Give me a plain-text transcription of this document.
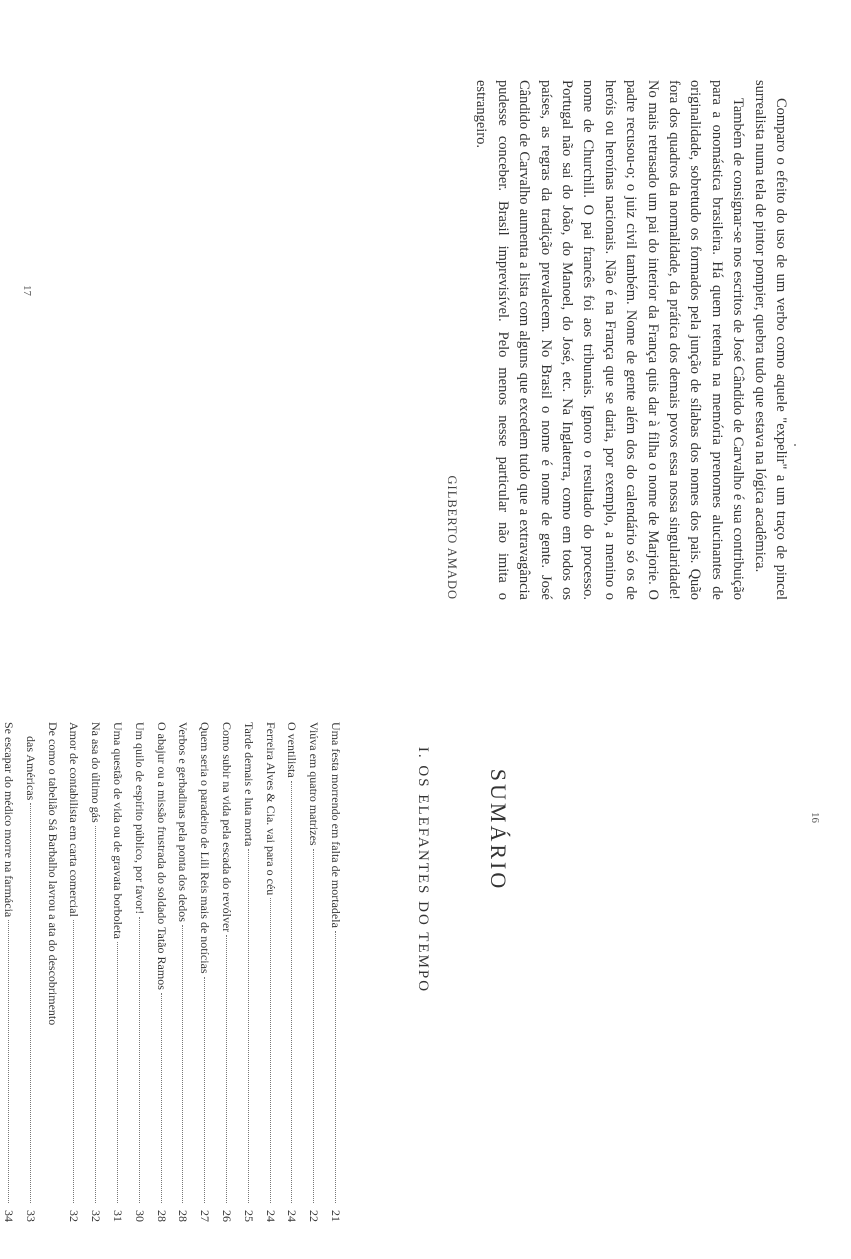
Comparo o efeito do uso de um verbo como aquele "expelir" a um traço de pincel surrealista numa tela de pintor pompier, quebra tudo que estava na lógica acadêmica.

Também de consignar-se nos escritos de José Cândido de Carvalho é sua contribuição para a onomástica brasileira. Há quem retenha na memória prenomes alucinantes de originalidade, sobretudo os formados pela junção de sílabas dos nomes dos pais. Quão fora dos quadros da normalidade, da prática dos demais povos essa nossa singularidade! No mais retrasado um pai do interior da França quis dar à filha o nome de Marjorie. O padre recusou-o; o juiz civil também. Nome de gente além dos do calendário só os de heróis ou heroínas nacionais. Não é na França que se daria, por exemplo, a menino o nome de Churchill. O pai francês foi aos tribunais. Ignoro o resultado do processo. Portugal não sai do João, do Manoel, do José, etc. Na Inglaterra, como em todos os países, as regras da tradição prevalecem. No Brasil o nome é nome de gente. José Cândido de Carvalho aumenta a lista com alguns que excedem tudo que a extravagância pudesse conceber. Brasil imprevisível. Pelo menos nesse particular não imita o estrangeiro.

GILBERTO AMADO

16
SUMÁRIO
I. OS ELEFANTES DO TEMPO
Uma festa morrendo em falta de mortadela
21
Viúva em quatro matrizes
22
O ventilista
24
Ferreira Alves & Cia. vai para o céu
24
Tarde demais e luta morta
25
Como subir na vida pela escada do revólver
26
Quem seria o paradeiro de Lili Reis mais de notícias
27
Verbos e gerbadinas pela ponta dos dedos
28
O abajur ou a missão frustrada do soldado Tatão Ramos
28
Um quilo de espírito público, por favor!
30
Uma questão de vida ou de gravata borboleta
31
Na asa do último gás
32
Amor de contabilista em carta comercial
32
De como o tabelião Sá Barbalho lavrou a ata do descobrimento
das Américas
33
Se escapar do médico morre na farmácia
34
17
